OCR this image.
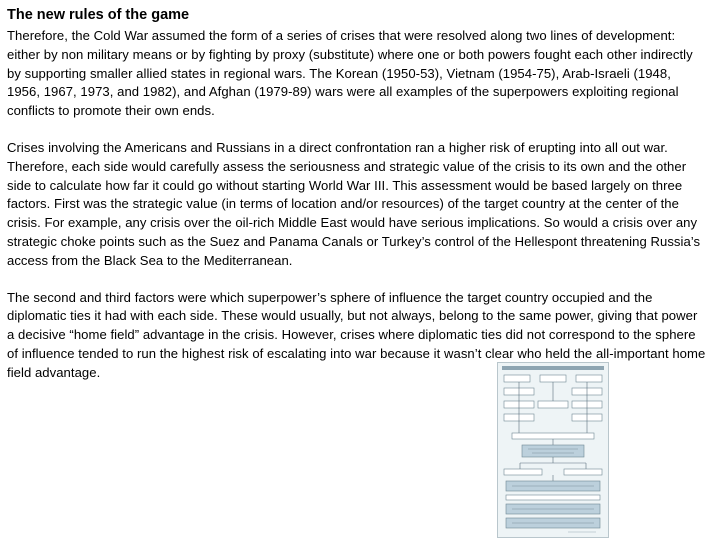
The new rules of the game

Therefore, the Cold War assumed the form of a series of crises that were resolved along two lines of development: either by non military means or by fighting by proxy (substitute) where one or both powers fought each other indirectly by supporting smaller allied states in regional wars. The Korean (1950-53), Vietnam (1954-75), Arab-Israeli (1948, 1956, 1967, 1973, and 1982), and Afghan (1979-89) wars were all examples of the superpowers exploiting regional conflicts to promote their own ends.

Crises involving the Americans and Russians in a direct confrontation ran a higher risk of erupting into all out war. Therefore, each side would carefully assess the seriousness and strategic value of the crisis to its own and the other side to calculate how far it could go without starting World War III. This assessment would be based largely on three factors. First was the strategic value (in terms of location and/or resources) of the target country at the center of the crisis. For example, any crisis over the oil-rich Middle East would have serious implications. So would a crisis over any strategic choke points such as the Suez and Panama Canals or Turkey’s control of the Hellespont threatening Russia’s access from the Black Sea to the Mediterranean.

The second and third factors were which superpower’s sphere of influence the target country occupied and the diplomatic ties it had with each side. These would usually, but not always, belong to the same power, giving that power a decisive “home field” advantage in the crisis. However, crises where diplomatic ties did not correspond to the sphere of influence tended to run the highest risk of escalating into war because it wasn’t clear who held the all-important home field advantage.
